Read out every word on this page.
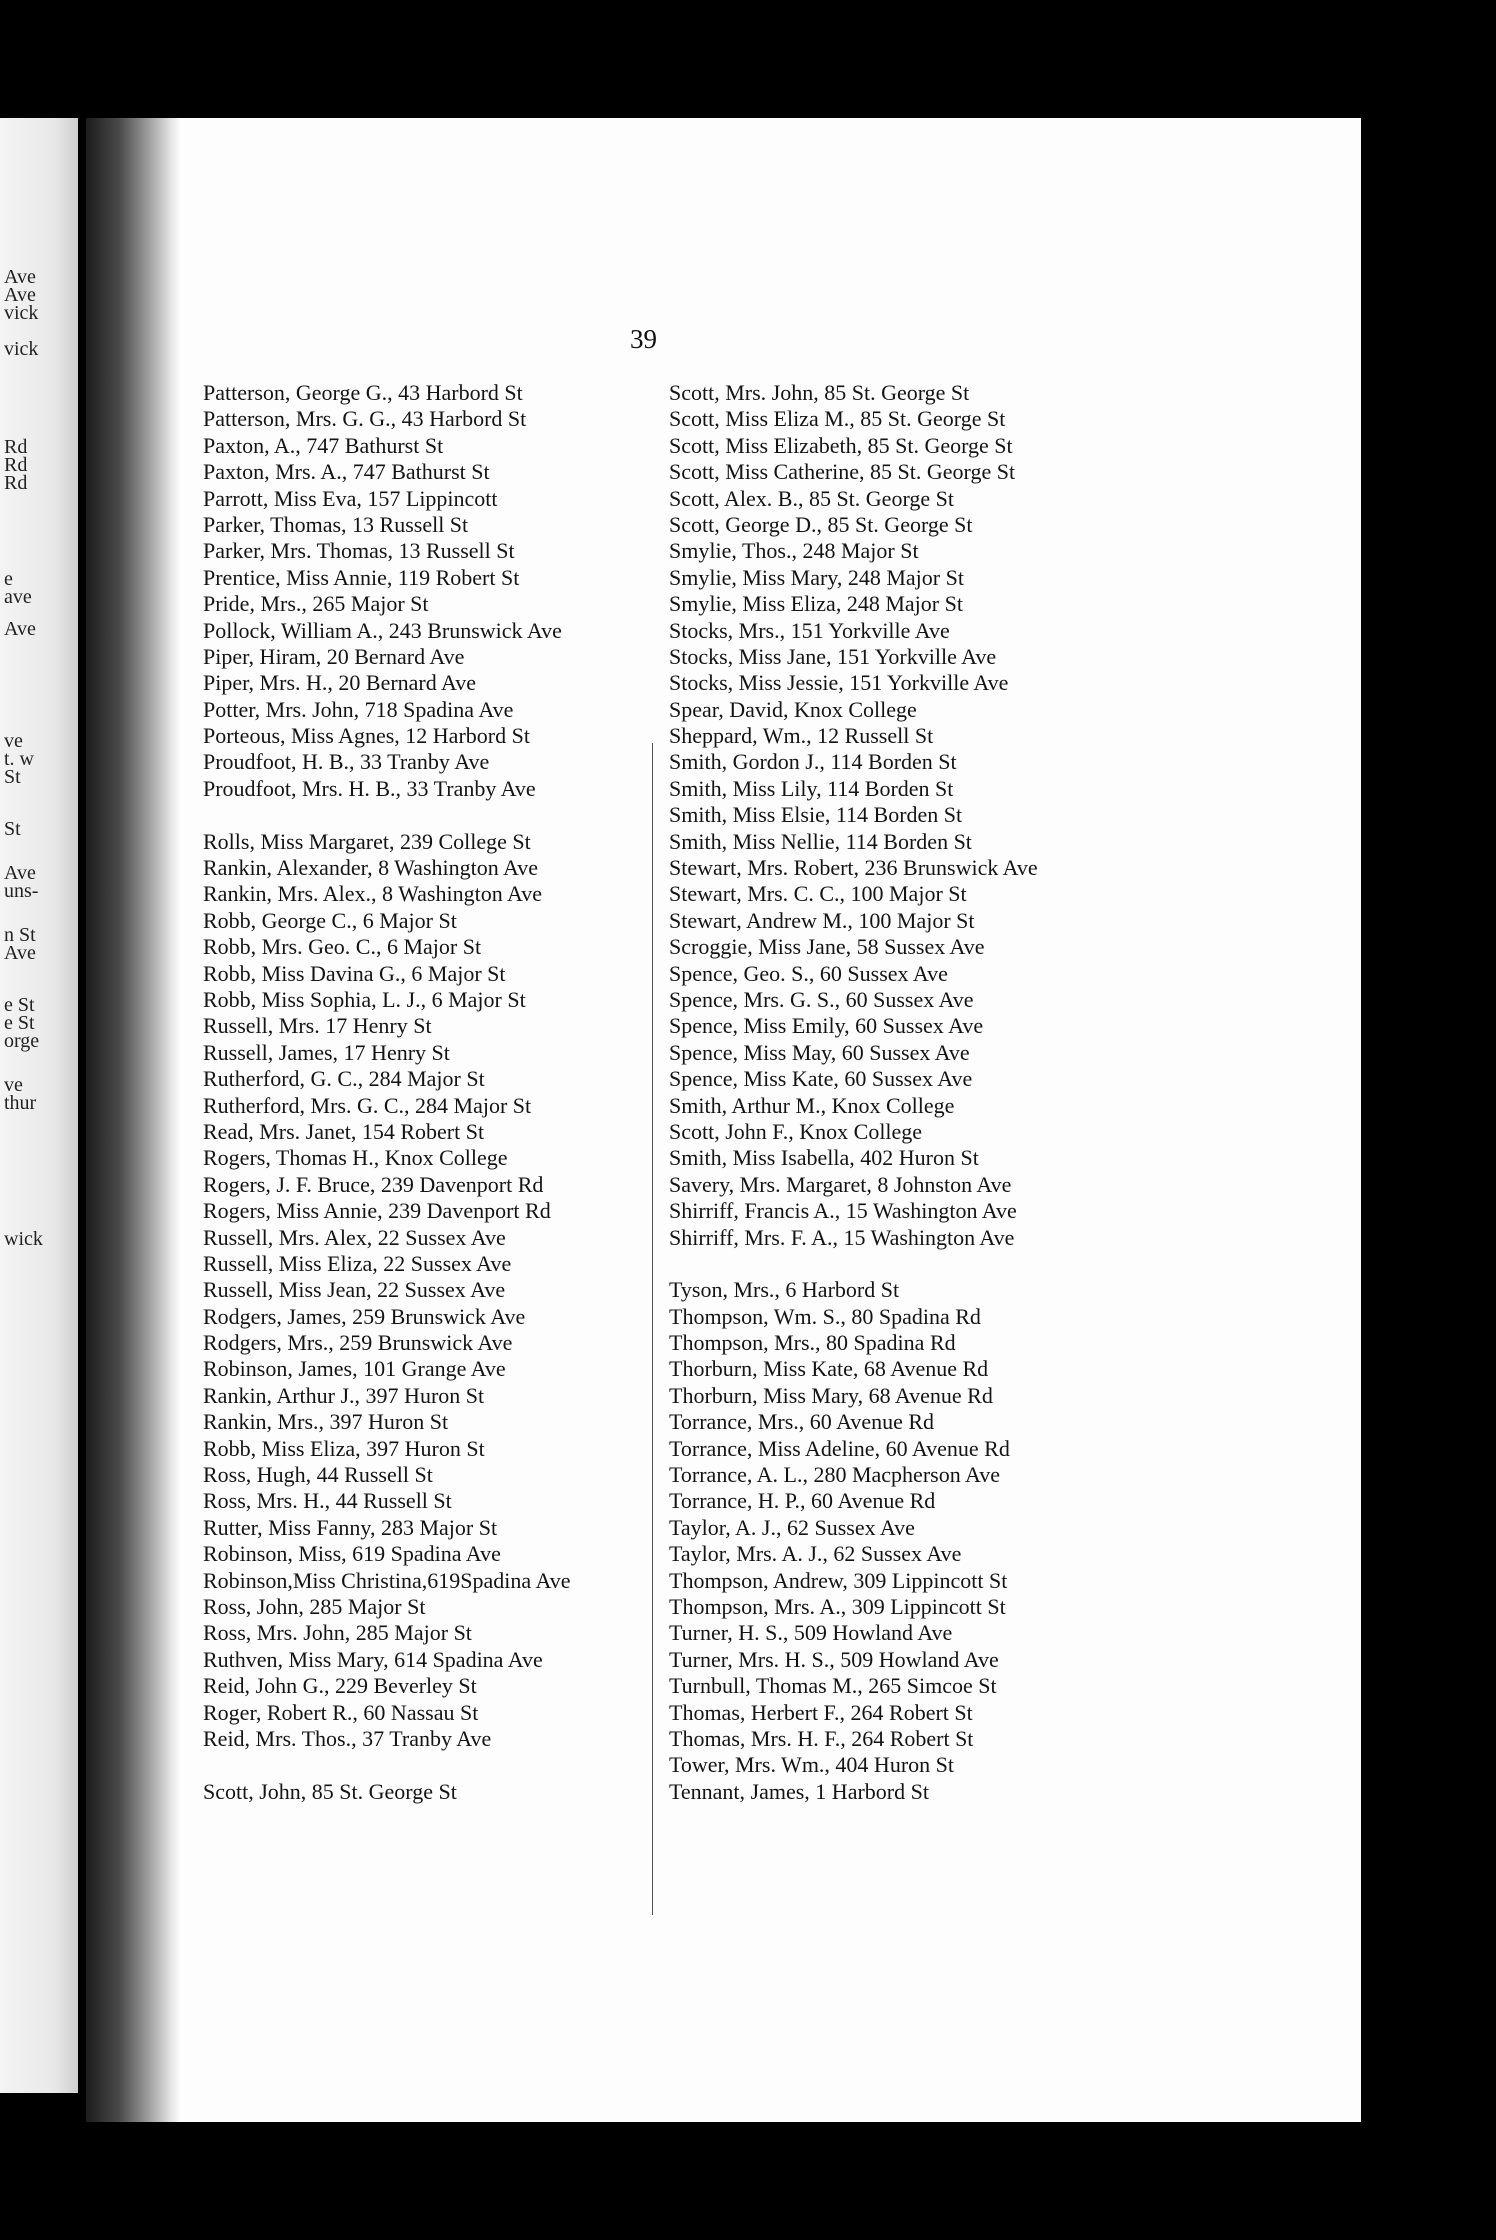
Ave
Ave
vick
vick
Rd
Rd
Rd
e
ave
Ave
ve
t. w
St
St
Ave
uns-
n St
Ave
e St
e St
orge
ve
thur
wick
39
Patterson, George G., 43 Harbord St
Patterson, Mrs. G. G., 43 Harbord St
Paxton, A., 747 Bathurst St
Paxton, Mrs. A., 747 Bathurst St
Parrott, Miss Eva, 157 Lippincott
Parker, Thomas, 13 Russell St
Parker, Mrs. Thomas, 13 Russell St
Prentice, Miss Annie, 119 Robert St
Pride, Mrs., 265 Major St
Pollock, William A., 243 Brunswick Ave
Piper, Hiram, 20 Bernard Ave
Piper, Mrs. H., 20 Bernard Ave
Potter, Mrs. John, 718 Spadina Ave
Porteous, Miss Agnes, 12 Harbord St
Proudfoot, H. B., 33 Tranby Ave
Proudfoot, Mrs. H. B., 33 Tranby Ave
Rolls, Miss Margaret, 239 College St
Rankin, Alexander, 8 Washington Ave
Rankin, Mrs. Alex., 8 Washington Ave
Robb, George C., 6 Major St
Robb, Mrs. Geo. C., 6 Major St
Robb, Miss Davina G., 6 Major St
Robb, Miss Sophia, L. J., 6 Major St
Russell, Mrs. 17 Henry St
Russell, James, 17 Henry St
Rutherford, G. C., 284 Major St
Rutherford, Mrs. G. C., 284 Major St
Read, Mrs. Janet, 154 Robert St
Rogers, Thomas H., Knox College
Rogers, J. F. Bruce, 239 Davenport Rd
Rogers, Miss Annie, 239 Davenport Rd
Russell, Mrs. Alex, 22 Sussex Ave
Russell, Miss Eliza, 22 Sussex Ave
Russell, Miss Jean, 22 Sussex Ave
Rodgers, James, 259 Brunswick Ave
Rodgers, Mrs., 259 Brunswick Ave
Robinson, James, 101 Grange Ave
Rankin, Arthur J., 397 Huron St
Rankin, Mrs., 397 Huron St
Robb, Miss Eliza, 397 Huron St
Ross, Hugh, 44 Russell St
Ross, Mrs. H., 44 Russell St
Rutter, Miss Fanny, 283 Major St
Robinson, Miss, 619 Spadina Ave
Robinson,Miss Christina,619Spadina Ave
Ross, John, 285 Major St
Ross, Mrs. John, 285 Major St
Ruthven, Miss Mary, 614 Spadina Ave
Reid, John G., 229 Beverley St
Roger, Robert R., 60 Nassau St
Reid, Mrs. Thos., 37 Tranby Ave
Scott, John, 85 St. George St
Scott, Mrs. John, 85 St. George St
Scott, Miss Eliza M., 85 St. George St
Scott, Miss Elizabeth, 85 St. George St
Scott, Miss Catherine, 85 St. George St
Scott, Alex. B., 85 St. George St
Scott, George D., 85 St. George St
Smylie, Thos., 248 Major St
Smylie, Miss Mary, 248 Major St
Smylie, Miss Eliza, 248 Major St
Stocks, Mrs., 151 Yorkville Ave
Stocks, Miss Jane, 151 Yorkville Ave
Stocks, Miss Jessie, 151 Yorkville Ave
Spear, David, Knox College
Sheppard, Wm., 12 Russell St
Smith, Gordon J., 114 Borden St
Smith, Miss Lily, 114 Borden St
Smith, Miss Elsie, 114 Borden St
Smith, Miss Nellie, 114 Borden St
Stewart, Mrs. Robert, 236 Brunswick Ave
Stewart, Mrs. C. C., 100 Major St
Stewart, Andrew M., 100 Major St
Scroggie, Miss Jane, 58 Sussex Ave
Spence, Geo. S., 60 Sussex Ave
Spence, Mrs. G. S., 60 Sussex Ave
Spence, Miss Emily, 60 Sussex Ave
Spence, Miss May, 60 Sussex Ave
Spence, Miss Kate, 60 Sussex Ave
Smith, Arthur M., Knox College
Scott, John F., Knox College
Smith, Miss Isabella, 402 Huron St
Savery, Mrs. Margaret, 8 Johnston Ave
Shirriff, Francis A., 15 Washington Ave
Shirriff, Mrs. F. A., 15 Washington Ave
Tyson, Mrs., 6 Harbord St
Thompson, Wm. S., 80 Spadina Rd
Thompson, Mrs., 80 Spadina Rd
Thorburn, Miss Kate, 68 Avenue Rd
Thorburn, Miss Mary, 68 Avenue Rd
Torrance, Mrs., 60 Avenue Rd
Torrance, Miss Adeline, 60 Avenue Rd
Torrance, A. L., 280 Macpherson Ave
Torrance, H. P., 60 Avenue Rd
Taylor, A. J., 62 Sussex Ave
Taylor, Mrs. A. J., 62 Sussex Ave
Thompson, Andrew, 309 Lippincott St
Thompson, Mrs. A., 309 Lippincott St
Turner, H. S., 509 Howland Ave
Turner, Mrs. H. S., 509 Howland Ave
Turnbull, Thomas M., 265 Simcoe St
Thomas, Herbert F., 264 Robert St
Thomas, Mrs. H. F., 264 Robert St
Tower, Mrs. Wm., 404 Huron St
Tennant, James, 1 Harbord St
